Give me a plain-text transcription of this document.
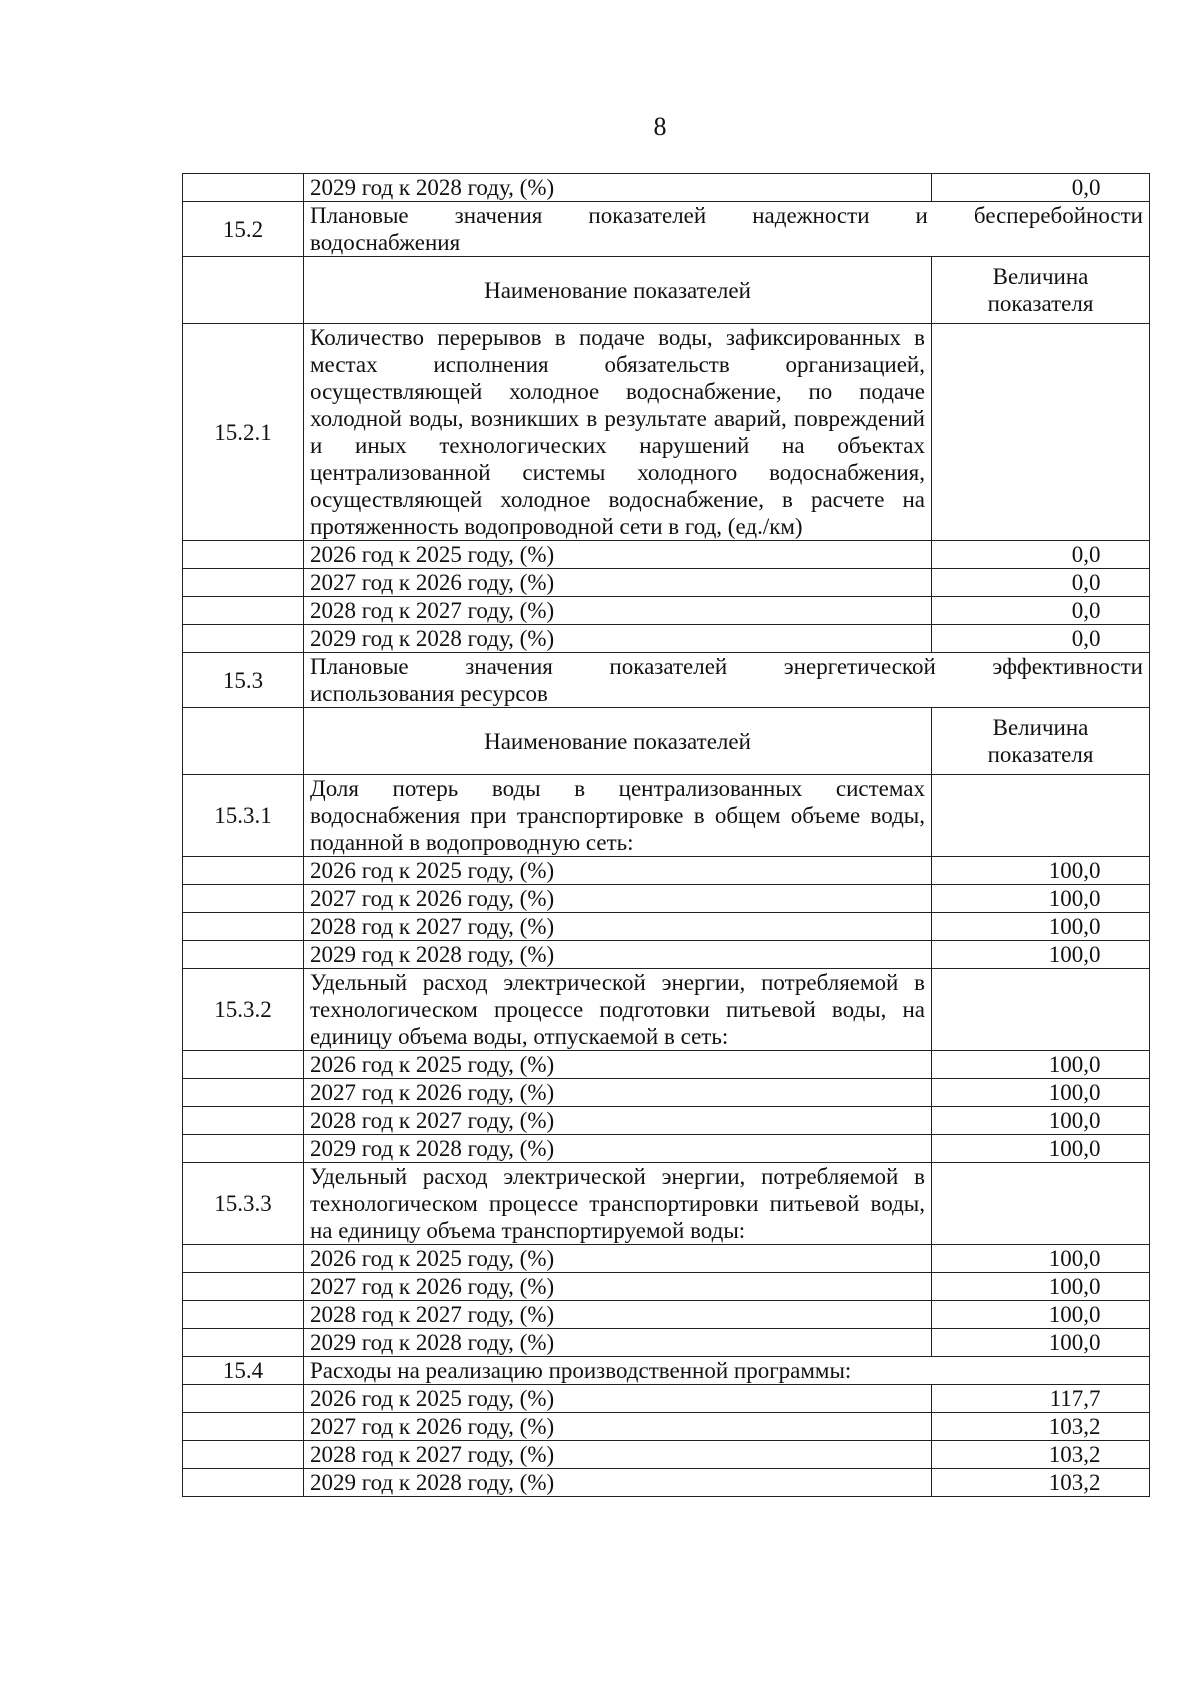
8
	2029 год к 2028 году, (%)	0,0
15.2	Плановые значения показателей надежности и бесперебойности
водоснабжения	
	Наименование показателей	Величина показателя
15.2.1	Количество перерывов в подаче воды, зафиксированных в местах исполнения обязательств организацией, осуществляющей холодное водоснабжение, по подаче холодной воды, возникших в результате аварий, повреждений и иных технологических нарушений на объектах централизованной системы холодного водоснабжения, осуществляющей холодное водоснабжение, в расчете на протяженность водопроводной сети в год, (ед./км)	
	2026 год к 2025 году, (%)	0,0
	2027 год к 2026 году, (%)	0,0
	2028 год к 2027 году, (%)	0,0
	2029 год к 2028 году, (%)	0,0
15.3	Плановые значения показателей энергетической эффективности
использования ресурсов	
	Наименование показателей	Величина показателя
15.3.1	Доля потерь воды в централизованных системах водоснабжения при транспортировке в общем объеме воды, поданной в водопроводную сеть:	
	2026 год к 2025 году, (%)	100,0
	2027 год к 2026 году, (%)	100,0
	2028 год к 2027 году, (%)	100,0
	2029 год к 2028 году, (%)	100,0
15.3.2	Удельный расход электрической энергии, потребляемой в технологическом процессе подготовки питьевой воды, на единицу объема воды, отпускаемой в сеть:	
	2026 год к 2025 году, (%)	100,0
	2027 год к 2026 году, (%)	100,0
	2028 год к 2027 году, (%)	100,0
	2029 год к 2028 году, (%)	100,0
15.3.3	Удельный расход электрической энергии, потребляемой в технологическом процессе транспортировки питьевой воды, на единицу объема транспортируемой воды:	
	2026 год к 2025 году, (%)	100,0
	2027 год к 2026 году, (%)	100,0
	2028 год к 2027 году, (%)	100,0
	2029 год к 2028 году, (%)	100,0
15.4	Расходы на реализацию производственной программы:	
	2026 год к 2025 году, (%)	117,7
	2027 год к 2026 году, (%)	103,2
	2028 год к 2027 году, (%)	103,2
	2029 год к 2028 году, (%)	103,2
